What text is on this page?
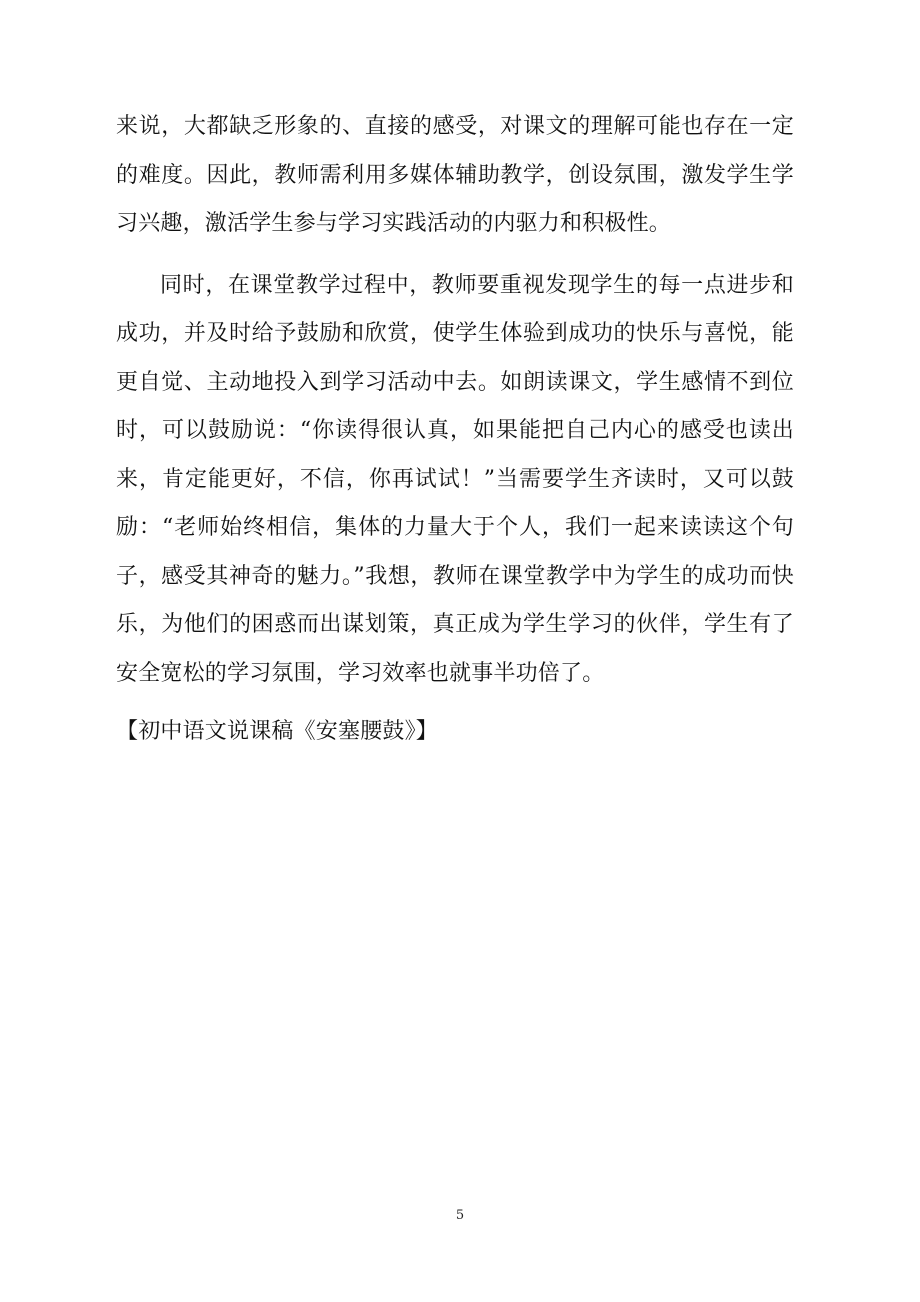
来说，大都缺乏形象的、直接的感受，对课文的理解可能也存在一定的难度。因此，教师需利用多媒体辅助教学，创设氛围，激发学生学习兴趣，激活学生参与学习实践活动的内驱力和积极性。

同时，在课堂教学过程中，教师要重视发现学生的每一点进步和成功，并及时给予鼓励和欣赏，使学生体验到成功的快乐与喜悦，能更自觉、主动地投入到学习活动中去。如朗读课文，学生感情不到位时，可以鼓励说：“你读得很认真，如果能把自己内心的感受也读出来，肯定能更好，不信，你再试试！”当需要学生齐读时，又可以鼓励：“老师始终相信，集体的力量大于个人，我们一起来读读这个句子，感受其神奇的魅力。”我想，教师在课堂教学中为学生的成功而快乐，为他们的困惑而出谋划策，真正成为学生学习的伙伴，学生有了安全宽松的学习氛围，学习效率也就事半功倍了。

【初中语文说课稿《安塞腰鼓》】

5
